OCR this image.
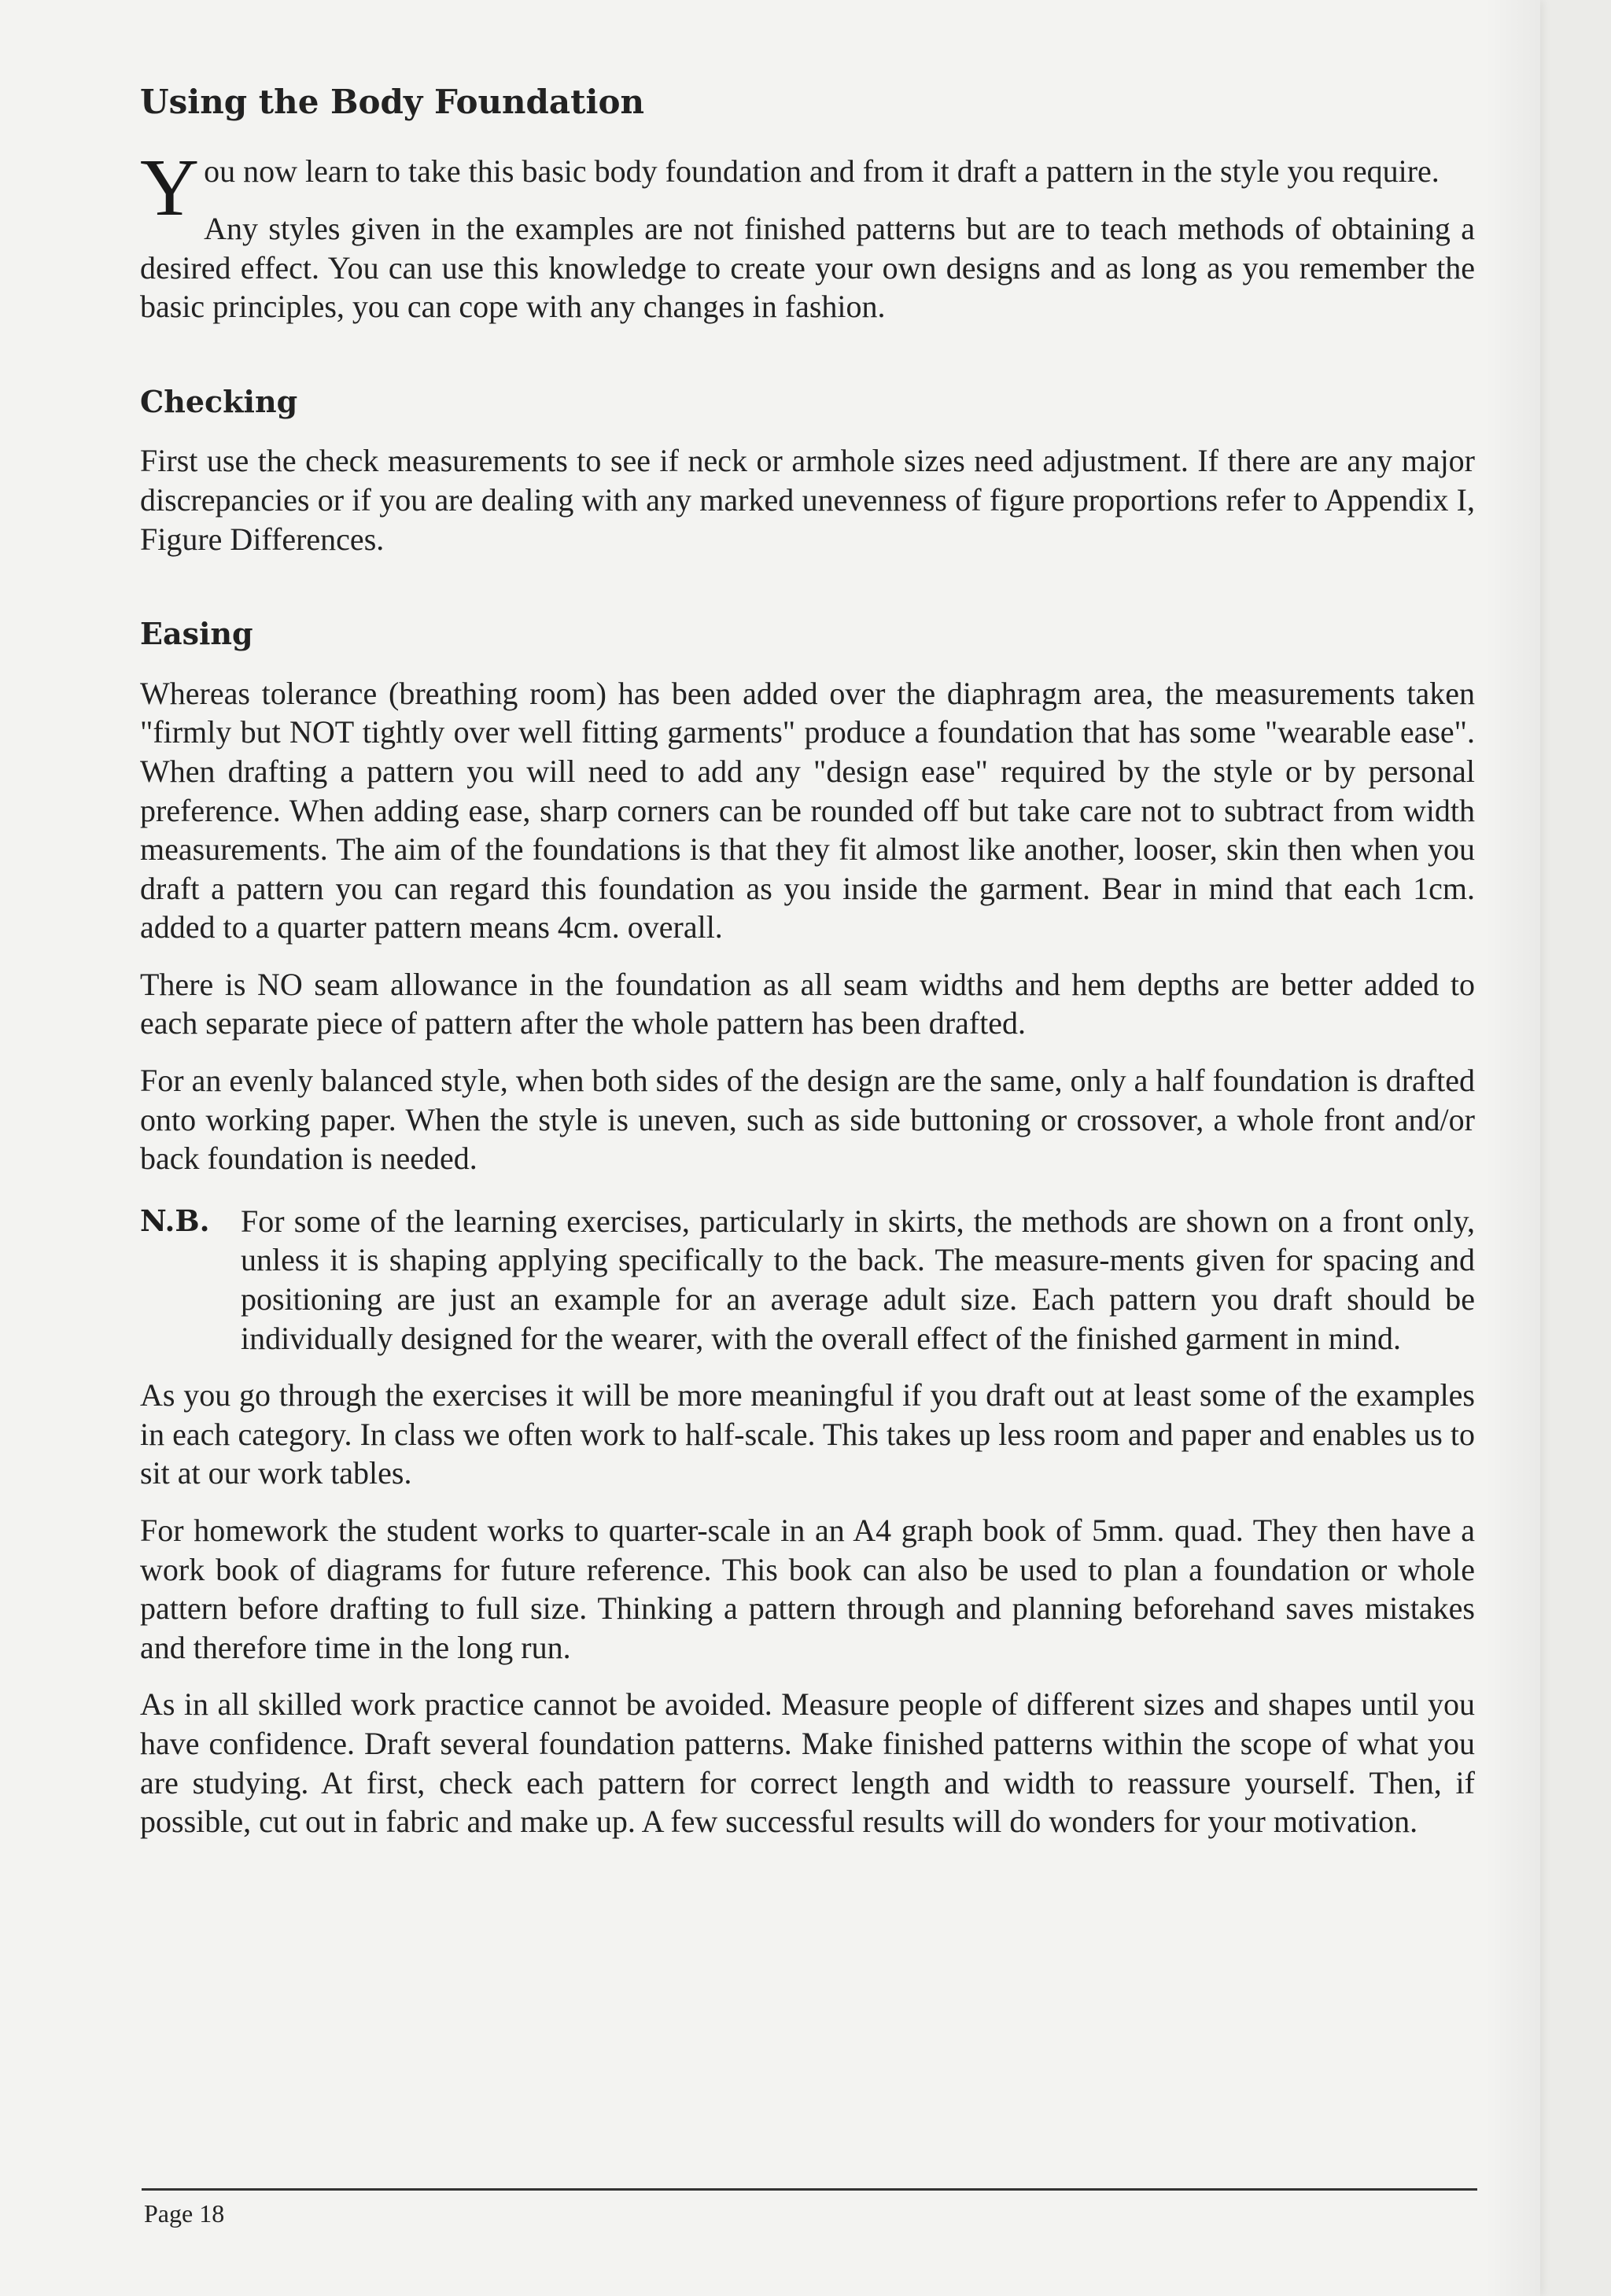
Using the Body Foundation

You now learn to take this basic body foundation and from it draft a pattern in the style you require.

Any styles given in the examples are not finished patterns but are to teach methods of obtaining a desired effect. You can use this knowledge to create your own designs and as long as you remember the basic principles, you can cope with any changes in fashion.

Checking

First use the check measurements to see if neck or armhole sizes need adjustment. If there are any major discrepancies or if you are dealing with any marked unevenness of figure proportions refer to Appendix I, Figure Differences.

Easing

Whereas tolerance (breathing room) has been added over the diaphragm area, the measurements taken "firmly but NOT tightly over well fitting garments" produce a foundation that has some "wearable ease". When drafting a pattern you will need to add any "design ease" required by the style or by personal preference. When adding ease, sharp corners can be rounded off but take care not to subtract from width measurements. The aim of the foundations is that they fit almost like another, looser, skin then when you draft a pattern you can regard this foundation as you inside the garment. Bear in mind that each 1cm. added to a quarter pattern means 4cm. overall.

There is NO seam allowance in the foundation as all seam widths and hem depths are better added to each separate piece of pattern after the whole pattern has been drafted.

For an evenly balanced style, when both sides of the design are the same, only a half foundation is drafted onto working paper. When the style is uneven, such as side buttoning or crossover, a whole front and/or back foundation is needed.

N.B. For some of the learning exercises, particularly in skirts, the methods are shown on a front only, unless it is shaping applying specifically to the back. The measure-ments given for spacing and positioning are just an example for an average adult size. Each pattern you draft should be individually designed for the wearer, with the overall effect of the finished garment in mind.

As you go through the exercises it will be more meaningful if you draft out at least some of the examples in each category. In class we often work to half-scale. This takes up less room and paper and enables us to sit at our work tables.

For homework the student works to quarter-scale in an A4 graph book of 5mm. quad. They then have a work book of diagrams for future reference. This book can also be used to plan a foundation or whole pattern before drafting to full size. Thinking a pattern through and planning beforehand saves mistakes and therefore time in the long run.

As in all skilled work practice cannot be avoided. Measure people of different sizes and shapes until you have confidence. Draft several foundation patterns. Make finished patterns within the scope of what you are studying. At first, check each pattern for correct length and width to reassure yourself. Then, if possible, cut out in fabric and make up. A few successful results will do wonders for your motivation.

Page 18
